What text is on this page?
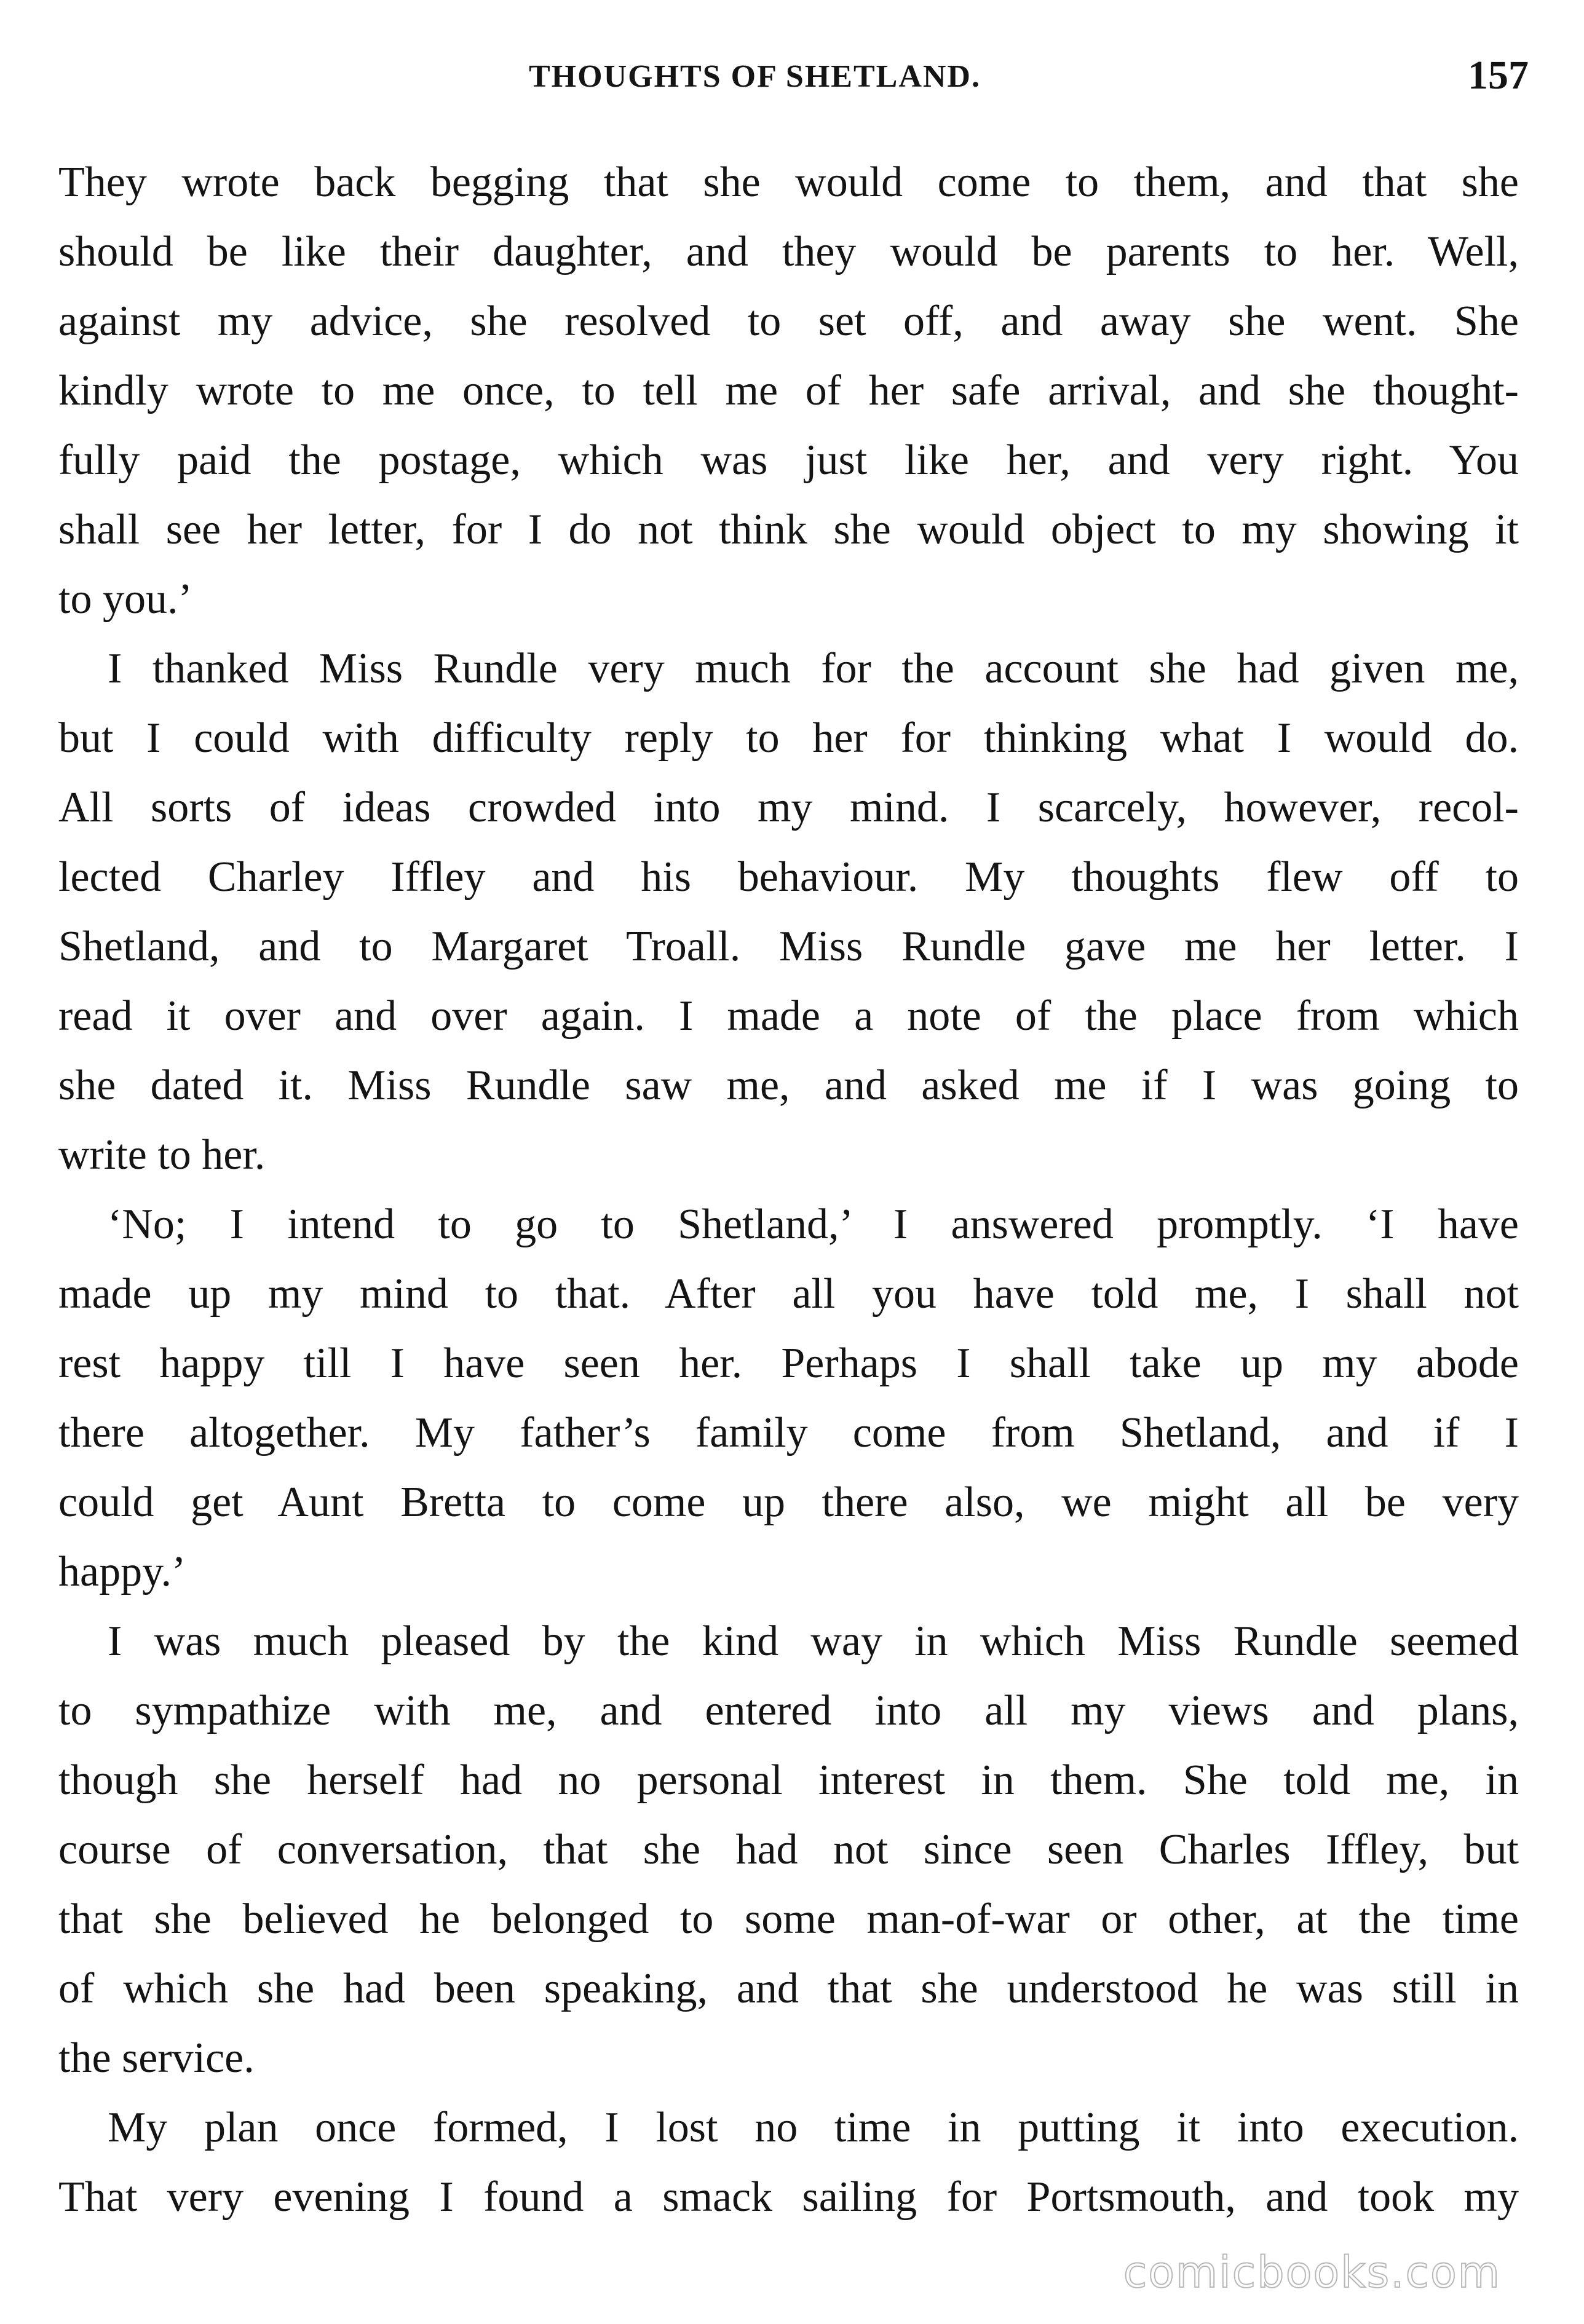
THOUGHTS OF SHETLAND.	157
They wrote back begging that she would come to them, and that she
should be like their daughter, and they would be parents to her. Well,
against my advice, she resolved to set off, and away she went. She
kindly wrote to me once, to tell me of her safe arrival, and she thought-
fully paid the postage, which was just like her, and very right. You
shall see her letter, for I do not think she would object to my showing it
to you.’
I thanked Miss Rundle very much for the account she had given me,
but I could with difficulty reply to her for thinking what I would do.
All sorts of ideas crowded into my mind. I scarcely, however, recol-
lected Charley Iffley and his behaviour. My thoughts flew off to
Shetland, and to Margaret Troall. Miss Rundle gave me her letter. I
read it over and over again. I made a note of the place from which
she dated it. Miss Rundle saw me, and asked me if I was going to
write to her.
‘No; I intend to go to Shetland,’ I answered promptly. ‘I have
made up my mind to that. After all you have told me, I shall not
rest happy till I have seen her. Perhaps I shall take up my abode
there altogether. My father’s family come from Shetland, and if I
could get Aunt Bretta to come up there also, we might all be very
happy.’
I was much pleased by the kind way in which Miss Rundle seemed
to sympathize with me, and entered into all my views and plans,
though she herself had no personal interest in them. She told me, in
course of conversation, that she had not since seen Charles Iffley, but
that she believed he belonged to some man-of-war or other, at the time
of which she had been speaking, and that she understood he was still in
the service.
My plan once formed, I lost no time in putting it into execution.
That very evening I found a smack sailing for Portsmouth, and took my
comicbooks.com
